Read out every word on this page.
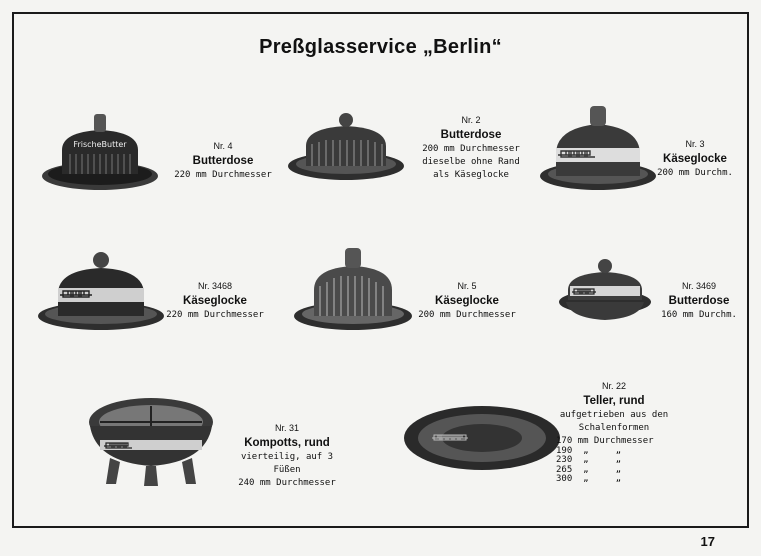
Preßglasservice „Berlin“
FrischeButter	Nr. 4
Butterdose
220 mm Durchmesser
Nr. 2
Butterdose
200 mm Durchmesser
dieselbe ohne Rand
als Käseglocke
Nr. 3
Käseglocke
200 mm Durchm.
Nr. 3468
Käseglocke
220 mm Durchmesser
Nr. 5
Käseglocke
200 mm Durchmesser
Nr. 3469
Butterdose
160 mm Durchm.
Nr. 31
Kompotts, rund
vierteilig, auf 3 Füßen
240 mm Durchmesser
Nr. 22
Teller, rund
aufgetrieben aus den
Schalenformen
170 mm Durchmesser
190  „     „
230  „     „
265  „     „
300  „     „
17
